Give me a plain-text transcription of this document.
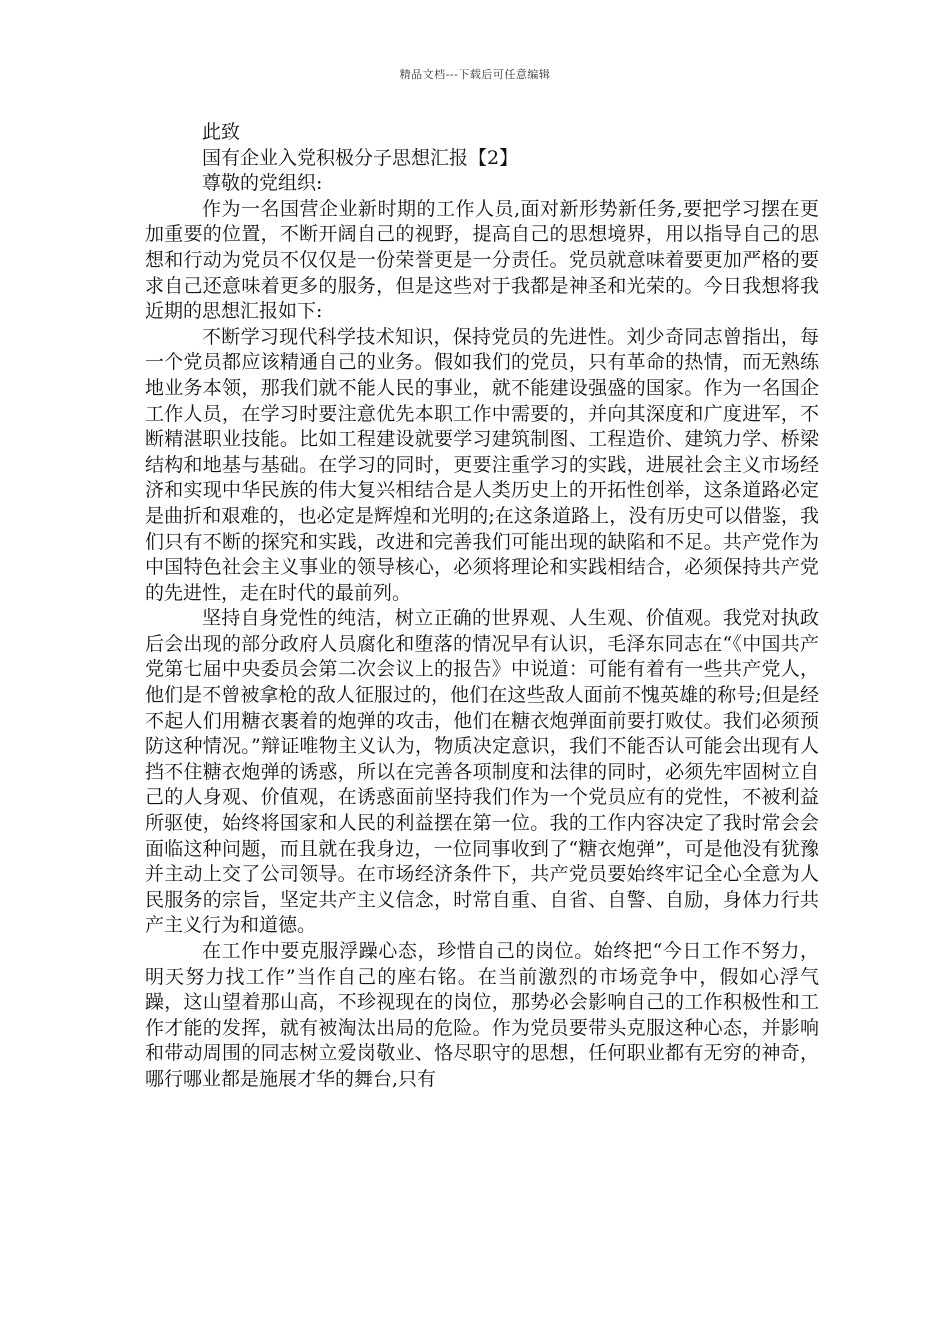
精品文档---下载后可任意编辑

此致

国有企业入党积极分子思想汇报【2】

尊敬的党组织:

作为一名国营企业新时期的工作人员,面对新形势新任务,要把学习摆在更加重要的位置，不断开阔自己的视野，提高自己的思想境界，用以指导自己的思想和行动为党员不仅仅是一份荣誉更是一分责任。党员就意味着要更加严格的要求自己还意味着更多的服务，但是这些对于我都是神圣和光荣的。今日我想将我近期的思想汇报如下:

不断学习现代科学技术知识，保持党员的先进性。刘少奇同志曾指出，每一个党员都应该精通自己的业务。假如我们的党员，只有革命的热情，而无熟练地业务本领，那我们就不能人民的事业，就不能建设强盛的国家。作为一名国企工作人员，在学习时要注意优先本职工作中需要的，并向其深度和广度进军，不断精湛职业技能。比如工程建设就要学习建筑制图、工程造价、建筑力学、桥梁结构和地基与基础。在学习的同时，更要注重学习的实践，进展社会主义市场经济和实现中华民族的伟大复兴相结合是人类历史上的开拓性创举，这条道路必定是曲折和艰难的，也必定是辉煌和光明的;在这条道路上，没有历史可以借鉴，我们只有不断的探究和实践，改进和完善我们可能出现的缺陷和不足。共产党作为中国特色社会主义事业的领导核心，必须将理论和实践相结合，必须保持共产党的先进性，走在时代的最前列。

坚持自身党性的纯洁，树立正确的世界观、人生观、价值观。我党对执政后会出现的部分政府人员腐化和堕落的情况早有认识，毛泽东同志在“《中国共产党第七届中央委员会第二次会议上的报告》中说道：可能有着有一些共产党人，他们是不曾被拿枪的敌人征服过的，他们在这些敌人面前不愧英雄的称号;但是经不起人们用糖衣裹着的炮弹的攻击，他们在糖衣炮弹面前要打败仗。我们必须预防这种情况。”辩证唯物主义认为，物质决定意识，我们不能否认可能会出现有人挡不住糖衣炮弹的诱惑，所以在完善各项制度和法律的同时，必须先牢固树立自己的人身观、价值观，在诱惑面前坚持我们作为一个党员应有的党性，不被利益所驱使，始终将国家和人民的利益摆在第一位。我的工作内容决定了我时常会会面临这种问题，而且就在我身边，一位同事收到了“糖衣炮弹”，可是他没有犹豫并主动上交了公司领导。在市场经济条件下，共产党员要始终牢记全心全意为人民服务的宗旨，坚定共产主义信念，时常自重、自省、自警、自励，身体力行共产主义行为和道德。

在工作中要克服浮躁心态，珍惜自己的岗位。始终把“今日工作不努力，明天努力找工作”当作自己的座右铭。在当前激烈的市场竞争中，假如心浮气躁，这山望着那山高，不珍视现在的岗位，那势必会影响自己的工作积极性和工作才能的发挥，就有被淘汰出局的危险。作为党员要带头克服这种心态，并影响和带动周围的同志树立爱岗敬业、恪尽职守的思想，任何职业都有无穷的神奇，哪行哪业都是施展才华的舞台,只有
